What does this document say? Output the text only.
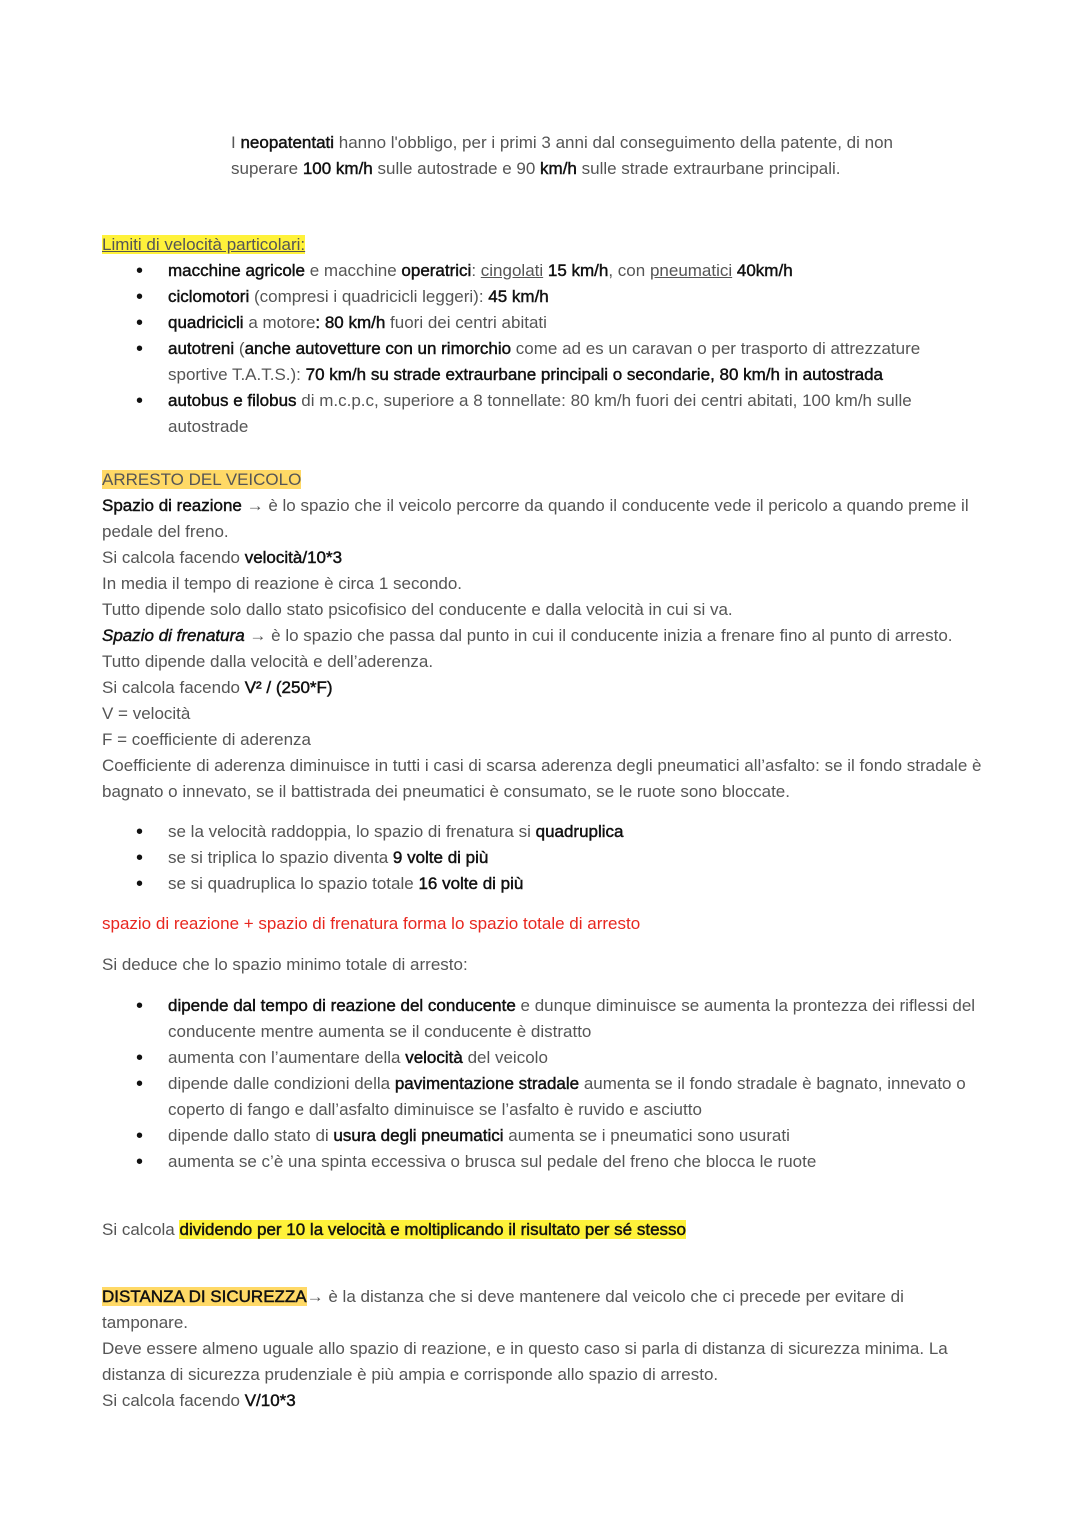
I neopatentati hanno l'obbligo, per i primi 3 anni dal conseguimento della patente, di non superare 100 km/h sulle autostrade e 90 km/h sulle strade extraurbane principali.

Limiti di velocità particolari:

• macchine agricole e macchine operatrici: cingolati 15 km/h, con pneumatici 40km/h
• ciclomotori (compresi i quadricicli leggeri): 45 km/h
• quadricicli a motore: 80 km/h fuori dei centri abitati
• autotreni (anche autovetture con un rimorchio come ad es un caravan o per trasporto di attrezzature sportive T.A.T.S.): 70 km/h su strade extraurbane principali o secondarie, 80 km/h in autostrada
• autobus e filobus di m.c.p.c, superiore a 8 tonnellate: 80 km/h fuori dei centri abitati, 100 km/h sulle autostrade

ARRESTO DEL VEICOLO

Spazio di reazione → è lo spazio che il veicolo percorre da quando il conducente vede il pericolo a quando preme il pedale del freno.

Si calcola facendo velocità/10*3

In media il tempo di reazione è circa 1 secondo.

Tutto dipende solo dallo stato psicofisico del conducente e dalla velocità in cui si va.

Spazio di frenatura → è lo spazio che passa dal punto in cui il conducente inizia a frenare fino al punto di arresto.

Tutto dipende dalla velocità e dell’aderenza.

Si calcola facendo V² / (250*F)

V = velocità

F = coefficiente di aderenza

Coefficiente di aderenza diminuisce in tutti i casi di scarsa aderenza degli pneumatici all’asfalto: se il fondo stradale è bagnato o innevato, se il battistrada dei pneumatici è consumato, se le ruote sono bloccate.

• se la velocità raddoppia, lo spazio di frenatura si quadruplica
• se si triplica lo spazio diventa 9 volte di più
• se si quadruplica lo spazio totale 16 volte di più

spazio di reazione + spazio di frenatura forma lo spazio totale di arresto

Si deduce che lo spazio minimo totale di arresto:

• dipende dal tempo di reazione del conducente e dunque diminuisce se aumenta la prontezza dei riflessi del conducente mentre aumenta se il conducente è distratto
• aumenta con l’aumentare della velocità del veicolo
• dipende dalle condizioni della pavimentazione stradale aumenta se il fondo stradale è bagnato, innevato o coperto di fango e dall’asfalto diminuisce se l’asfalto è ruvido e asciutto
• dipende dallo stato di usura degli pneumatici aumenta se i pneumatici sono usurati
• aumenta se c’è una spinta eccessiva o brusca sul pedale del freno che blocca le ruote

Si calcola dividendo per 10 la velocità e moltiplicando il risultato per sé stesso

DISTANZA DI SICUREZZA→ è la distanza che si deve mantenere dal veicolo che ci precede per evitare di tamponare.

Deve essere almeno uguale allo spazio di reazione, e in questo caso si parla di distanza di sicurezza minima. La distanza di sicurezza prudenziale è più ampia e corrisponde allo spazio di arresto.

Si calcola facendo V/10*3
